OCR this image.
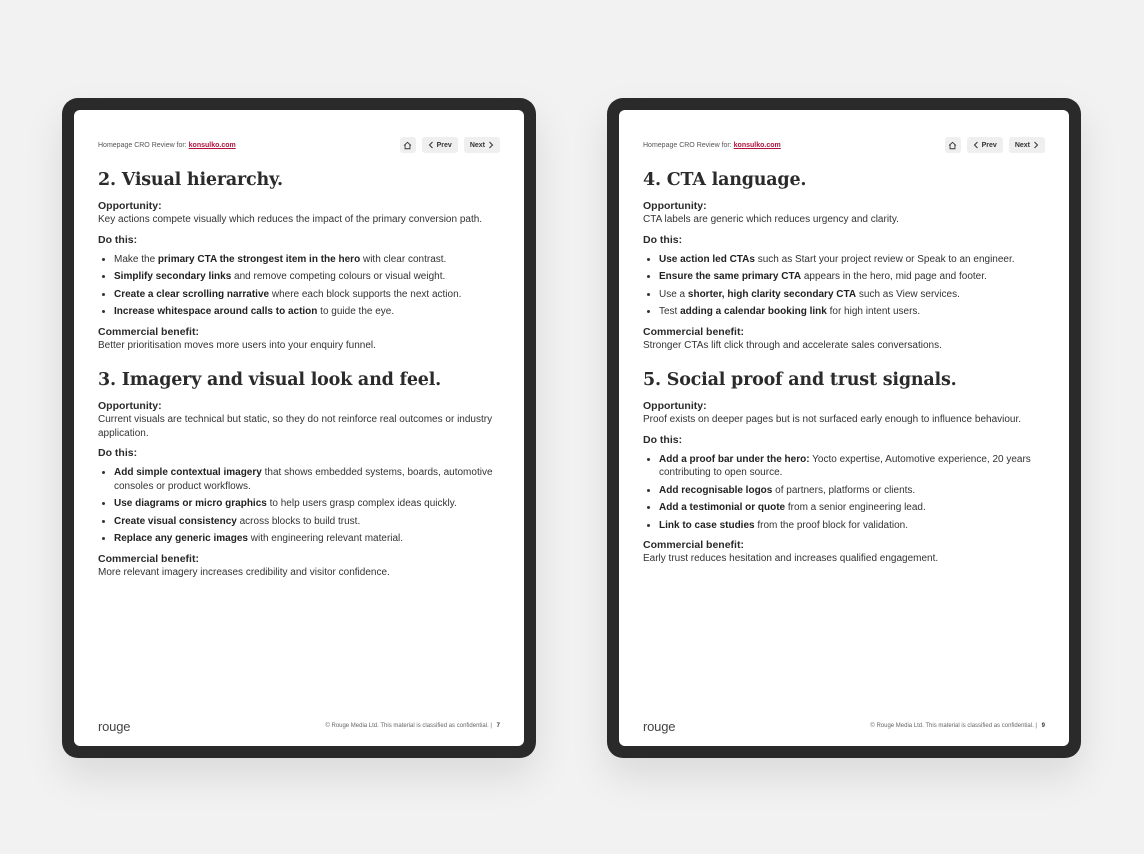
Homepage CRO Review for: konsulko.com	Prev	Next
2. Visual hierarchy.

Opportunity:

Key actions compete visually which reduces the impact of the primary conversion path.

Do this:

• Make the primary CTA the strongest item in the hero with clear contrast.
• Simplify secondary links and remove competing colours or visual weight.
• Create a clear scrolling narrative where each block supports the next action.
• Increase whitespace around calls to action to guide the eye.

Commercial benefit:

Better prioritisation moves more users into your enquiry funnel.

3. Imagery and visual look and feel.

Opportunity:

Current visuals are technical but static, so they do not reinforce real outcomes or industry application.

Do this:

• Add simple contextual imagery that shows embedded systems, boards, automotive consoles or product workflows.
• Use diagrams or micro graphics to help users grasp complex ideas quickly.
• Create visual consistency across blocks to build trust.
• Replace any generic images with engineering relevant material.

Commercial benefit:

More relevant imagery increases credibility and visitor confidence.

rouge	© Rouge Media Ltd. This material is classified as confidential. | 7
Homepage CRO Review for: konsulko.com	Prev	Next
4. CTA language.

Opportunity:

CTA labels are generic which reduces urgency and clarity.

Do this:

• Use action led CTAs such as Start your project review or Speak to an engineer.
• Ensure the same primary CTA appears in the hero, mid page and footer.
• Use a shorter, high clarity secondary CTA such as View services.
• Test adding a calendar booking link for high intent users.

Commercial benefit:

Stronger CTAs lift click through and accelerate sales conversations.

5. Social proof and trust signals.

Opportunity:

Proof exists on deeper pages but is not surfaced early enough to influence behaviour.

Do this:

• Add a proof bar under the hero: Yocto expertise, Automotive experience, 20 years contributing to open source.
• Add recognisable logos of partners, platforms or clients.
• Add a testimonial or quote from a senior engineering lead.
• Link to case studies from the proof block for validation.

Commercial benefit:

Early trust reduces hesitation and increases qualified engagement.

rouge	© Rouge Media Ltd. This material is classified as confidential. | 9
